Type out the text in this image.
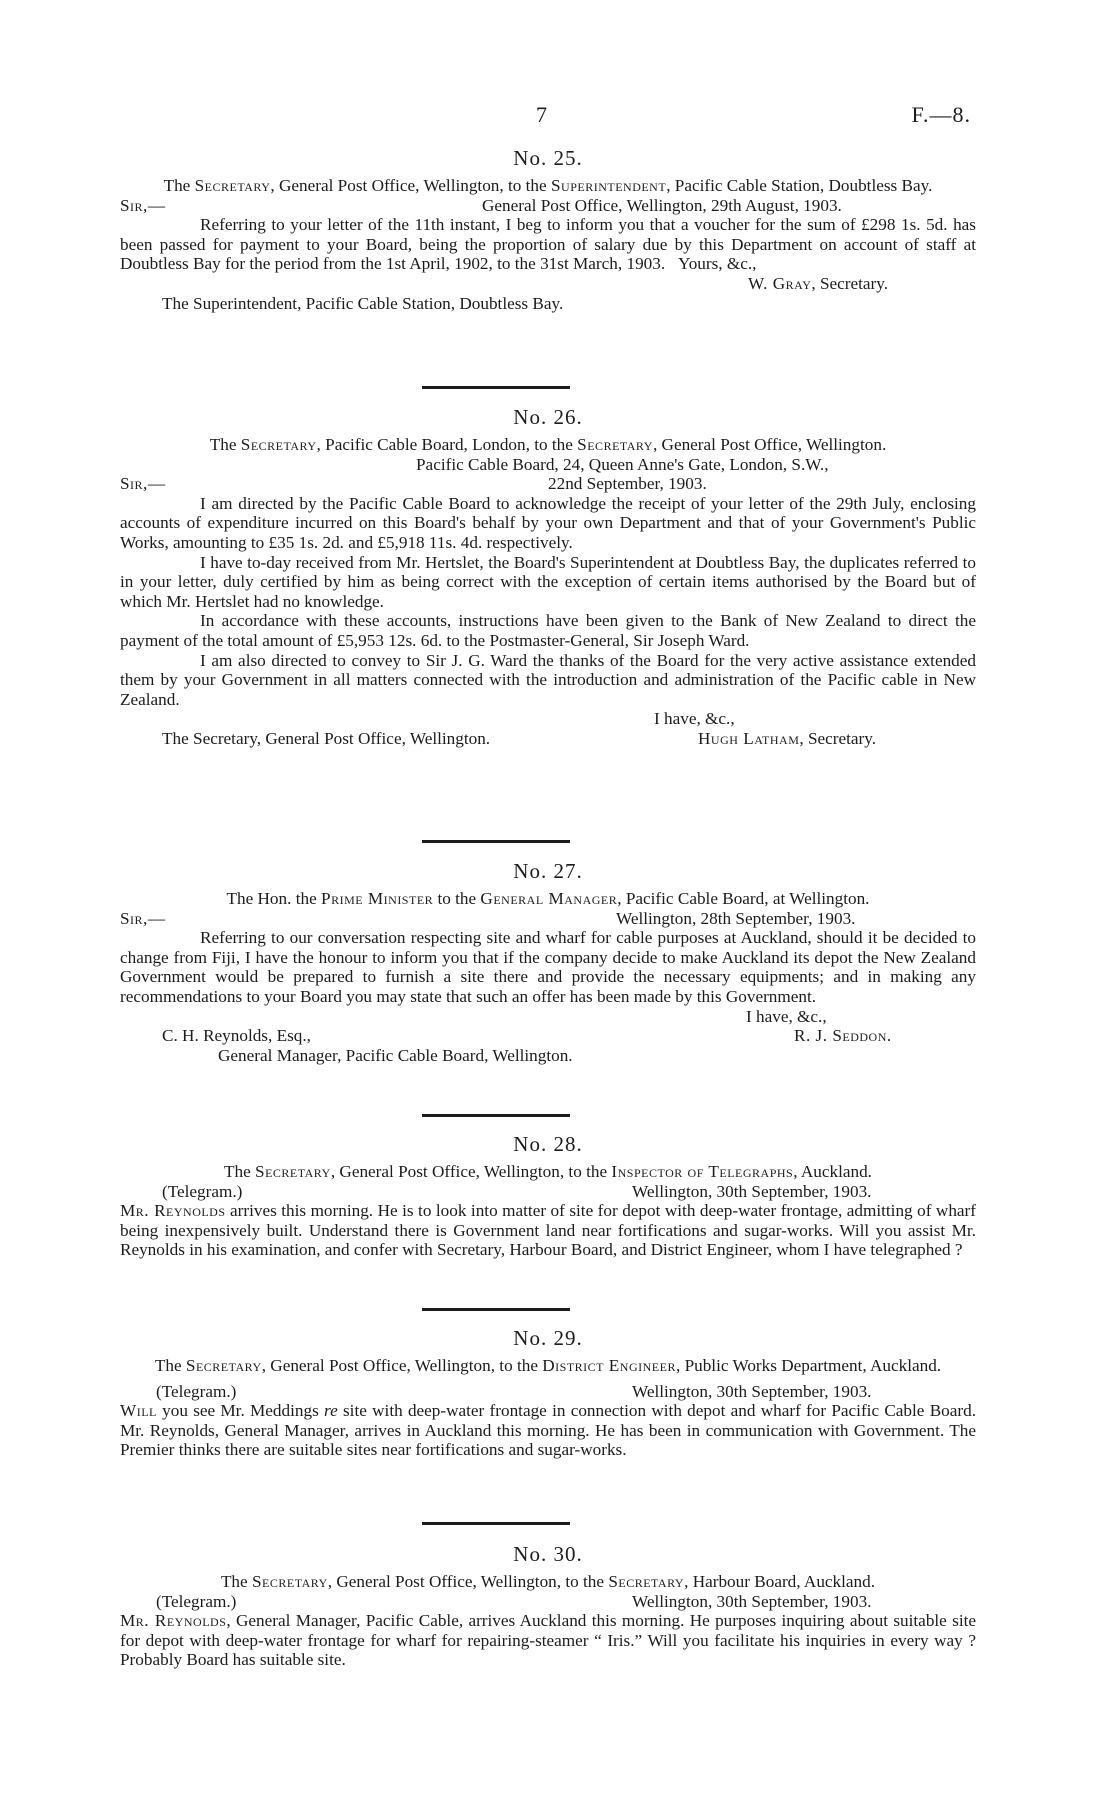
7	F.—8.
No. 25.
The Secretary, General Post Office, Wellington, to the Superintendent, Pacific Cable Station, Doubtless Bay.
Sir,—	General Post Office, Wellington, 29th August, 1903.
Referring to your letter of the 11th instant, I beg to inform you that a voucher for the sum of £298 1s. 5d. has been passed for payment to your Board, being the proportion of salary due by this Department on account of staff at Doubtless Bay for the period from the 1st April, 1902, to the 31st March, 1903. Yours, &c.,
W. Gray, Secretary.
The Superintendent, Pacific Cable Station, Doubtless Bay.
No. 26.
The Secretary, Pacific Cable Board, London, to the Secretary, General Post Office, Wellington.
Pacific Cable Board, 24, Queen Anne's Gate, London, S.W.,
Sir,—	22nd September, 1903.
I am directed by the Pacific Cable Board to acknowledge the receipt of your letter of the 29th July, enclosing accounts of expenditure incurred on this Board's behalf by your own Department and that of your Government's Public Works, amounting to £35 1s. 2d. and £5,918 11s. 4d. respectively.
I have to-day received from Mr. Hertslet, the Board's Superintendent at Doubtless Bay, the duplicates referred to in your letter, duly certified by him as being correct with the exception of certain items authorised by the Board but of which Mr. Hertslet had no knowledge.
In accordance with these accounts, instructions have been given to the Bank of New Zealand to direct the payment of the total amount of £5,953 12s. 6d. to the Postmaster-General, Sir Joseph Ward.
I am also directed to convey to Sir J. G. Ward the thanks of the Board for the very active assistance extended them by your Government in all matters connected with the introduction and administration of the Pacific cable in New Zealand.
I have, &c.,
The Secretary, General Post Office, Wellington.	Hugh Latham, Secretary.
No. 27.
The Hon. the Prime Minister to the General Manager, Pacific Cable Board, at Wellington.
Sir,—	Wellington, 28th September, 1903.
Referring to our conversation respecting site and wharf for cable purposes at Auckland, should it be decided to change from Fiji, I have the honour to inform you that if the company decide to make Auckland its depot the New Zealand Government would be prepared to furnish a site there and provide the necessary equipments; and in making any recommendations to your Board you may state that such an offer has been made by this Government.
I have, &c.,
C. H. Reynolds, Esq.,	R. J. Seddon.
General Manager, Pacific Cable Board, Wellington.
No. 28.
The Secretary, General Post Office, Wellington, to the Inspector of Telegraphs, Auckland.
(Telegram.)	Wellington, 30th September, 1903.
Mr. Reynolds arrives this morning. He is to look into matter of site for depot with deep-water frontage, admitting of wharf being inexpensively built. Understand there is Government land near fortifications and sugar-works. Will you assist Mr. Reynolds in his examination, and confer with Secretary, Harbour Board, and District Engineer, whom I have telegraphed ?
No. 29.
The Secretary, General Post Office, Wellington, to the District Engineer, Public Works Department, Auckland.
(Telegram.)	Wellington, 30th September, 1903.
Will you see Mr. Meddings re site with deep-water frontage in connection with depot and wharf for Pacific Cable Board. Mr. Reynolds, General Manager, arrives in Auckland this morning. He has been in communication with Government. The Premier thinks there are suitable sites near fortifications and sugar-works.
No. 30.
The Secretary, General Post Office, Wellington, to the Secretary, Harbour Board, Auckland.
(Telegram.)	Wellington, 30th September, 1903.
Mr. Reynolds, General Manager, Pacific Cable, arrives Auckland this morning. He purposes inquiring about suitable site for depot with deep-water frontage for wharf for repairing-steamer “ Iris.” Will you facilitate his inquiries in every way ? Probably Board has suitable site.
